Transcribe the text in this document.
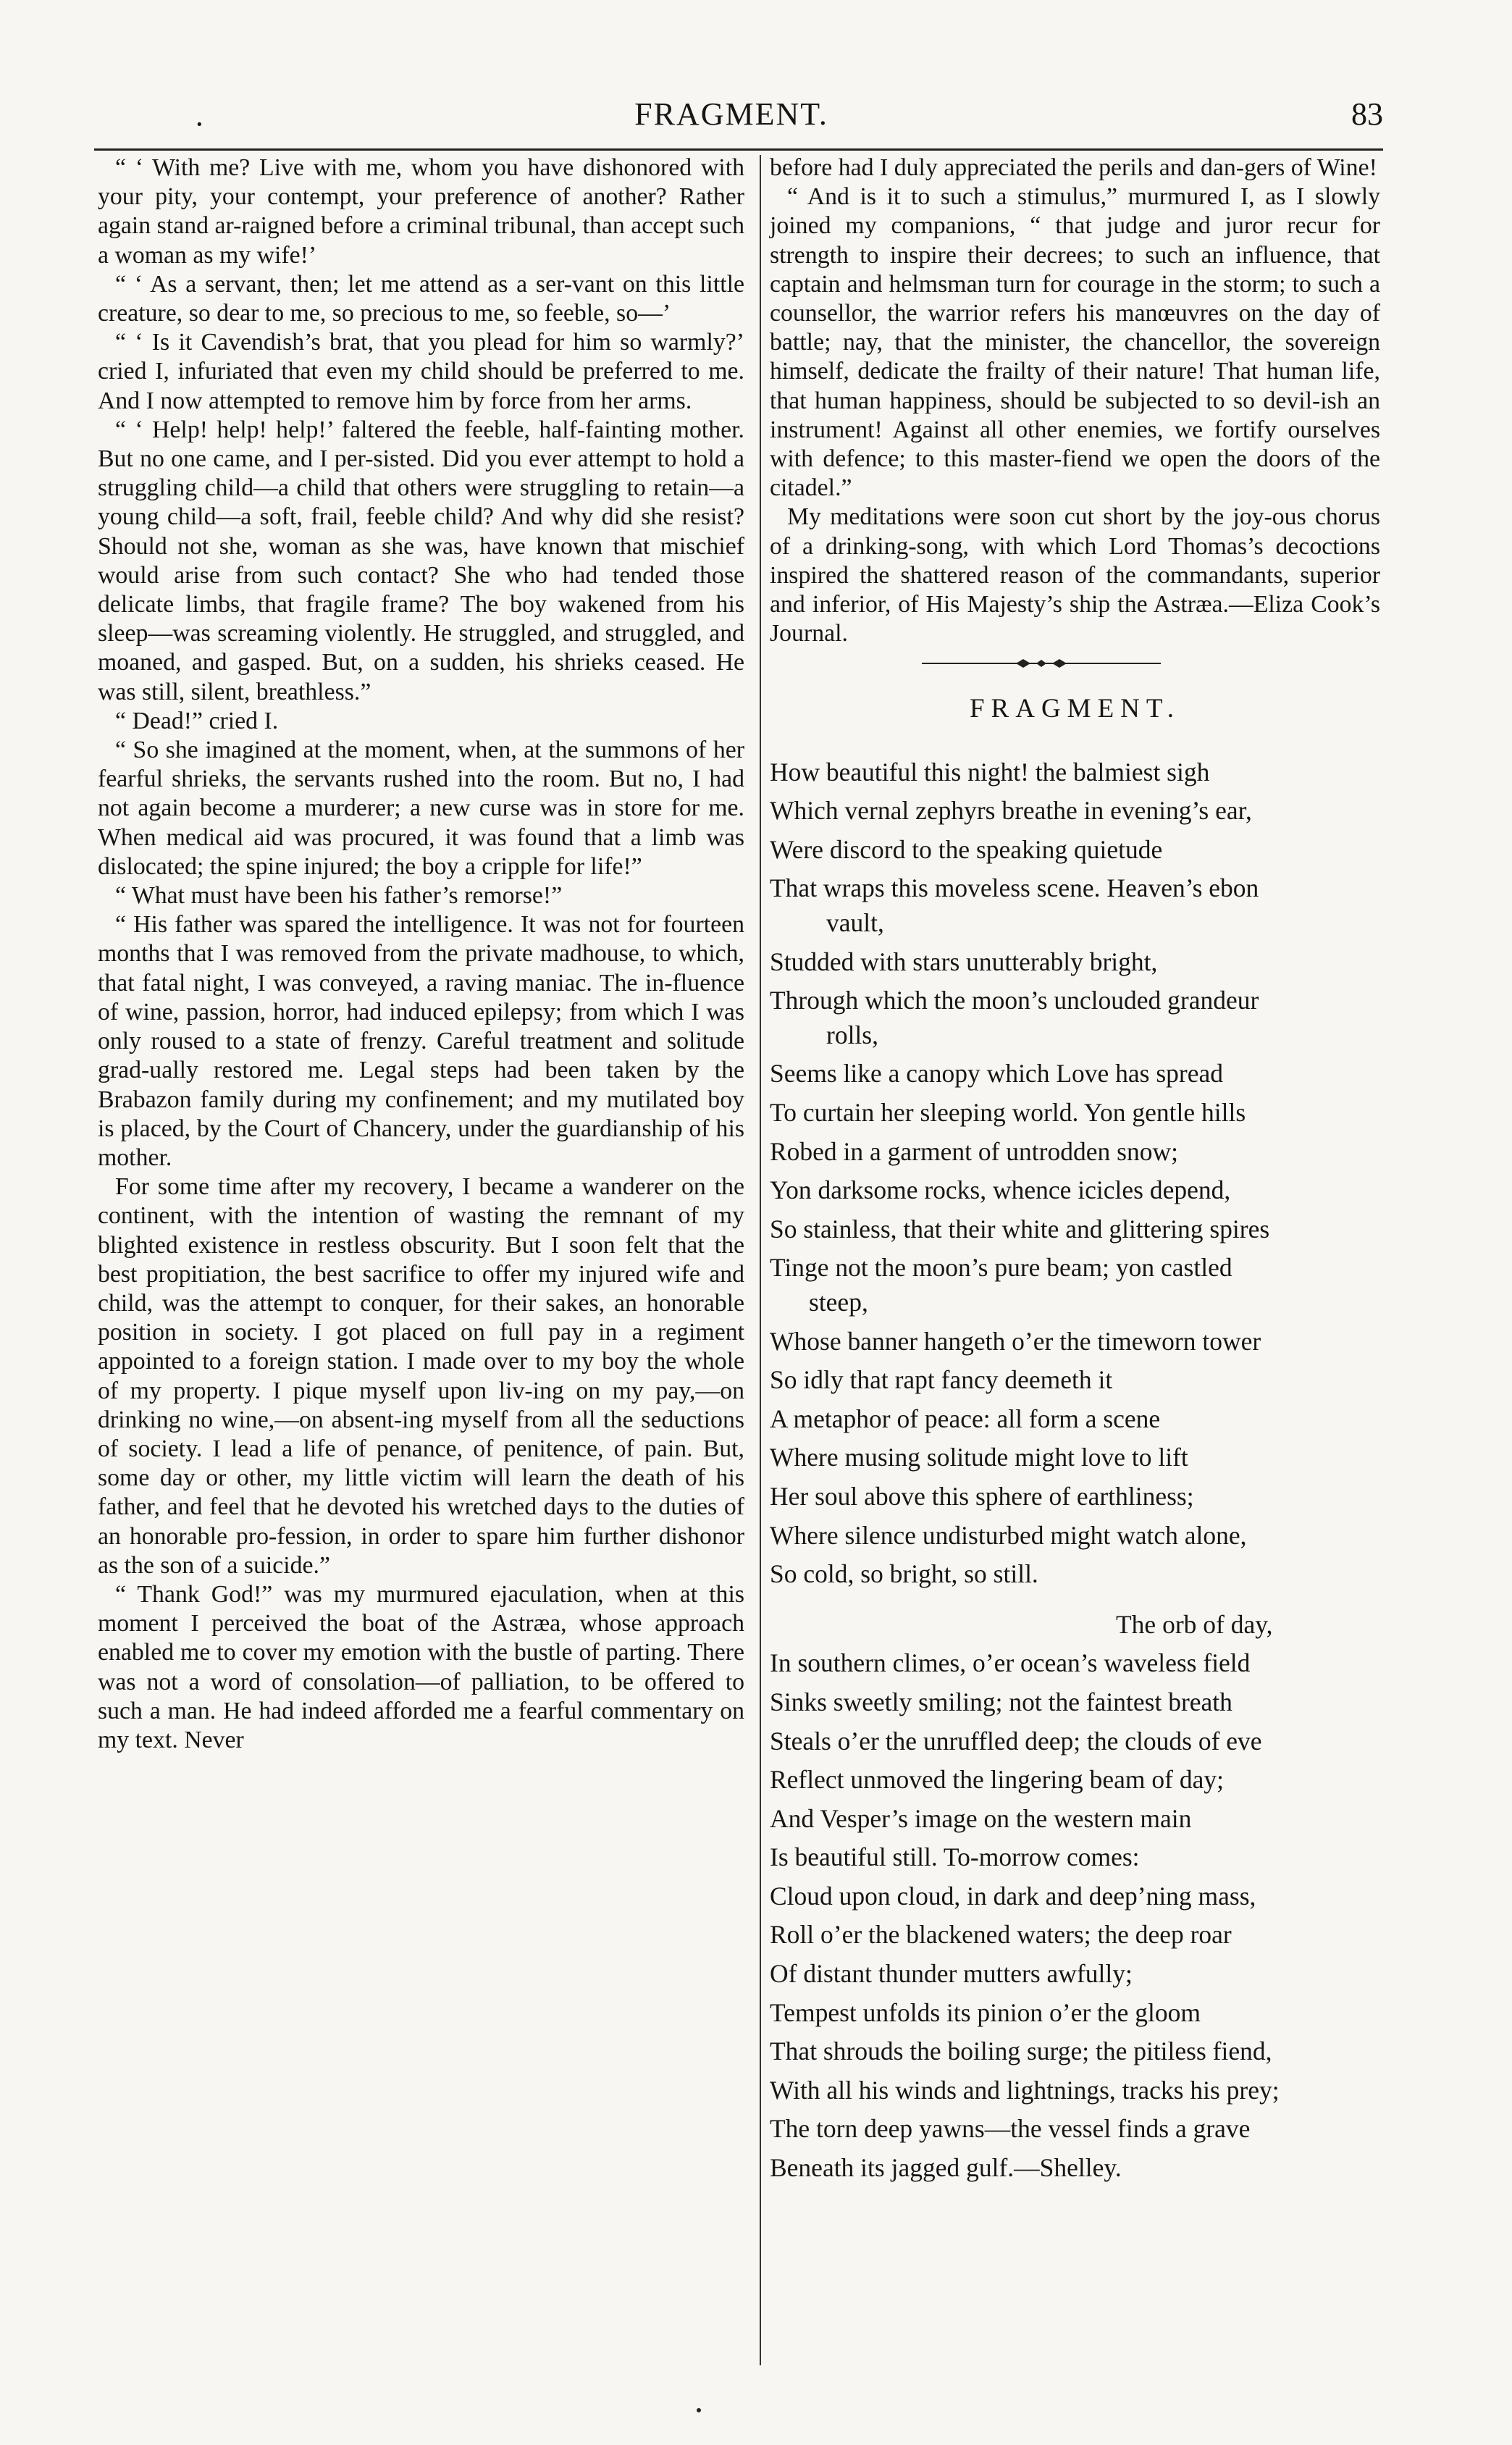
·	FRAGMENT.	83

“ ‘ With me? Live with me, whom you have dishonored with your pity, your contempt, your preference of another? Rather again stand ar-raigned before a criminal tribunal, than accept such a woman as my wife!’

“ ‘ As a servant, then; let me attend as a ser-vant on this little creature, so dear to me, so precious to me, so feeble, so—’

“ ‘ Is it Cavendish’s brat, that you plead for him so warmly?’ cried I, infuriated that even my child should be preferred to me. And I now attempted to remove him by force from her arms.

“ ‘ Help! help! help!’ faltered the feeble, half-fainting mother. But no one came, and I per-sisted. Did you ever attempt to hold a struggling child—a child that others were struggling to retain—a young child—a soft, frail, feeble child? And why did she resist? Should not she, woman as she was, have known that mischief would arise from such contact? She who had tended those delicate limbs, that fragile frame? The boy wakened from his sleep—was screaming violently. He struggled, and struggled, and moaned, and gasped. But, on a sudden, his shrieks ceased. He was still, silent, breathless.”

“ Dead!” cried I.

“ So she imagined at the moment, when, at the summons of her fearful shrieks, the servants rushed into the room. But no, I had not again become a murderer; a new curse was in store for me. When medical aid was procured, it was found that a limb was dislocated; the spine injured; the boy a cripple for life!”

“ What must have been his father’s remorse!”

“ His father was spared the intelligence. It was not for fourteen months that I was removed from the private madhouse, to which, that fatal night, I was conveyed, a raving maniac. The in-fluence of wine, passion, horror, had induced epilepsy; from which I was only roused to a state of frenzy. Careful treatment and solitude grad-ually restored me. Legal steps had been taken by the Brabazon family during my confinement; and my mutilated boy is placed, by the Court of Chancery, under the guardianship of his mother.

For some time after my recovery, I became a wanderer on the continent, with the intention of wasting the remnant of my blighted existence in restless obscurity. But I soon felt that the best propitiation, the best sacrifice to offer my injured wife and child, was the attempt to conquer, for their sakes, an honorable position in society. I got placed on full pay in a regiment appointed to a foreign station. I made over to my boy the whole of my property. I pique myself upon liv-ing on my pay,—on drinking no wine,—on absent-ing myself from all the seductions of society. I lead a life of penance, of penitence, of pain. But, some day or other, my little victim will learn the death of his father, and feel that he devoted his wretched days to the duties of an honorable pro-fession, in order to spare him further dishonor as the son of a suicide.”

“ Thank God!” was my murmured ejaculation, when at this moment I perceived the boat of the Astræa, whose approach enabled me to cover my emotion with the bustle of parting. There was not a word of consolation—of palliation, to be offered to such a man. He had indeed afforded me a fearful commentary on my text. Never

before had I duly appreciated the perils and dan-gers of Wine!

“ And is it to such a stimulus,” murmured I, as I slowly joined my companions, “ that judge and juror recur for strength to inspire their decrees; to such an influence, that captain and helmsman turn for courage in the storm; to such a counsellor, the warrior refers his manœuvres on the day of battle; nay, that the minister, the chancellor, the sovereign himself, dedicate the frailty of their nature! That human life, that human happiness, should be subjected to so devil-ish an instrument! Against all other enemies, we fortify ourselves with defence; to this master-fiend we open the doors of the citadel.”

My meditations were soon cut short by the joy-ous chorus of a drinking-song, with which Lord Thomas’s decoctions inspired the shattered reason of the commandants, superior and inferior, of His Majesty’s ship the Astræa.—Eliza Cook’s Journal.

FRAGMENT.
How beautiful this night! the balmiest sigh
Which vernal zephyrs breathe in evening’s ear,
Were discord to the speaking quietude
That wraps this moveless scene. Heaven’s ebon
vault,
Studded with stars unutterably bright,
Through which the moon’s unclouded grandeur
rolls,
Seems like a canopy which Love has spread
To curtain her sleeping world. Yon gentle hills
Robed in a garment of untrodden snow;
Yon darksome rocks, whence icicles depend,
So stainless, that their white and glittering spires
Tinge not the moon’s pure beam; yon castled
steep,
Whose banner hangeth o’er the timeworn tower
So idly that rapt fancy deemeth it
A metaphor of peace: all form a scene
Where musing solitude might love to lift
Her soul above this sphere of earthliness;
Where silence undisturbed might watch alone,
So cold, so bright, so still.
The orb of day,
In southern climes, o’er ocean’s waveless field
Sinks sweetly smiling; not the faintest breath
Steals o’er the unruffled deep; the clouds of eve
Reflect unmoved the lingering beam of day;
And Vesper’s image on the western main
Is beautiful still. To-morrow comes:
Cloud upon cloud, in dark and deep’ning mass,
Roll o’er the blackened waters; the deep roar
Of distant thunder mutters awfully;
Tempest unfolds its pinion o’er the gloom
That shrouds the boiling surge; the pitiless fiend,
With all his winds and lightnings, tracks his prey;
The torn deep yawns—the vessel finds a grave
Beneath its jagged gulf.—Shelley.
